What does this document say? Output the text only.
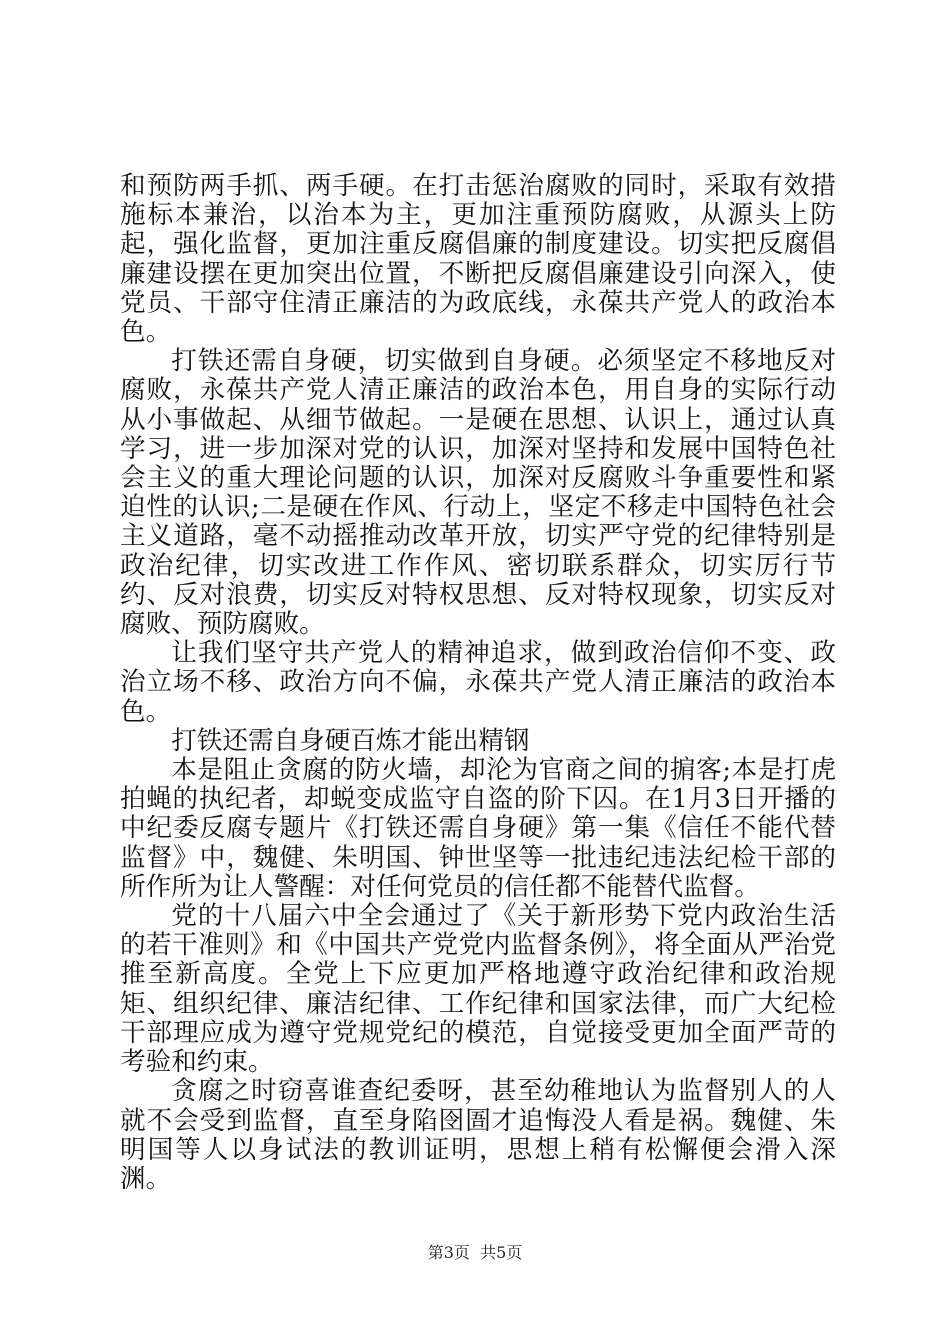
和预防两手抓、两手硬。在打击惩治腐败的同时，采取有效措施标本兼治，以治本为主，更加注重预防腐败，从源头上防起，强化监督，更加注重反腐倡廉的制度建设。切实把反腐倡廉建设摆在更加突出位置，不断把反腐倡廉建设引向深入，使党员、干部守住清正廉洁的为政底线，永葆共产党人的政治本色。

打铁还需自身硬，切实做到自身硬。必须坚定不移地反对腐败，永葆共产党人清正廉洁的政治本色，用自身的实际行动从小事做起、从细节做起。一是硬在思想、认识上，通过认真学习，进一步加深对党的认识，加深对坚持和发展中国特色社会主义的重大理论问题的认识，加深对反腐败斗争重要性和紧迫性的认识;二是硬在作风、行动上，坚定不移走中国特色社会主义道路，毫不动摇推动改革开放，切实严守党的纪律特别是政治纪律，切实改进工作作风、密切联系群众，切实厉行节约、反对浪费，切实反对特权思想、反对特权现象，切实反对腐败、预防腐败。

让我们坚守共产党人的精神追求，做到政治信仰不变、政治立场不移、政治方向不偏，永葆共产党人清正廉洁的政治本色。

打铁还需自身硬百炼才能出精钢

本是阻止贪腐的防火墙，却沦为官商之间的掮客;本是打虎拍蝇的执纪者，却蜕变成监守自盗的阶下囚。在1月3日开播的中纪委反腐专题片《打铁还需自身硬》第一集《信任不能代替监督》中，魏健、朱明国、钟世坚等一批违纪违法纪检干部的所作所为让人警醒：对任何党员的信任都不能替代监督。

党的十八届六中全会通过了《关于新形势下党内政治生活的若干准则》和《中国共产党党内监督条例》，将全面从严治党推至新高度。全党上下应更加严格地遵守政治纪律和政治规矩、组织纪律、廉洁纪律、工作纪律和国家法律，而广大纪检干部理应成为遵守党规党纪的模范，自觉接受更加全面严苛的考验和约束。

贪腐之时窃喜谁查纪委呀，甚至幼稚地认为监督别人的人就不会受到监督，直至身陷囹圄才追悔没人看是祸。魏健、朱明国等人以身试法的教训证明，思想上稍有松懈便会滑入深渊。

第3页  共5页
